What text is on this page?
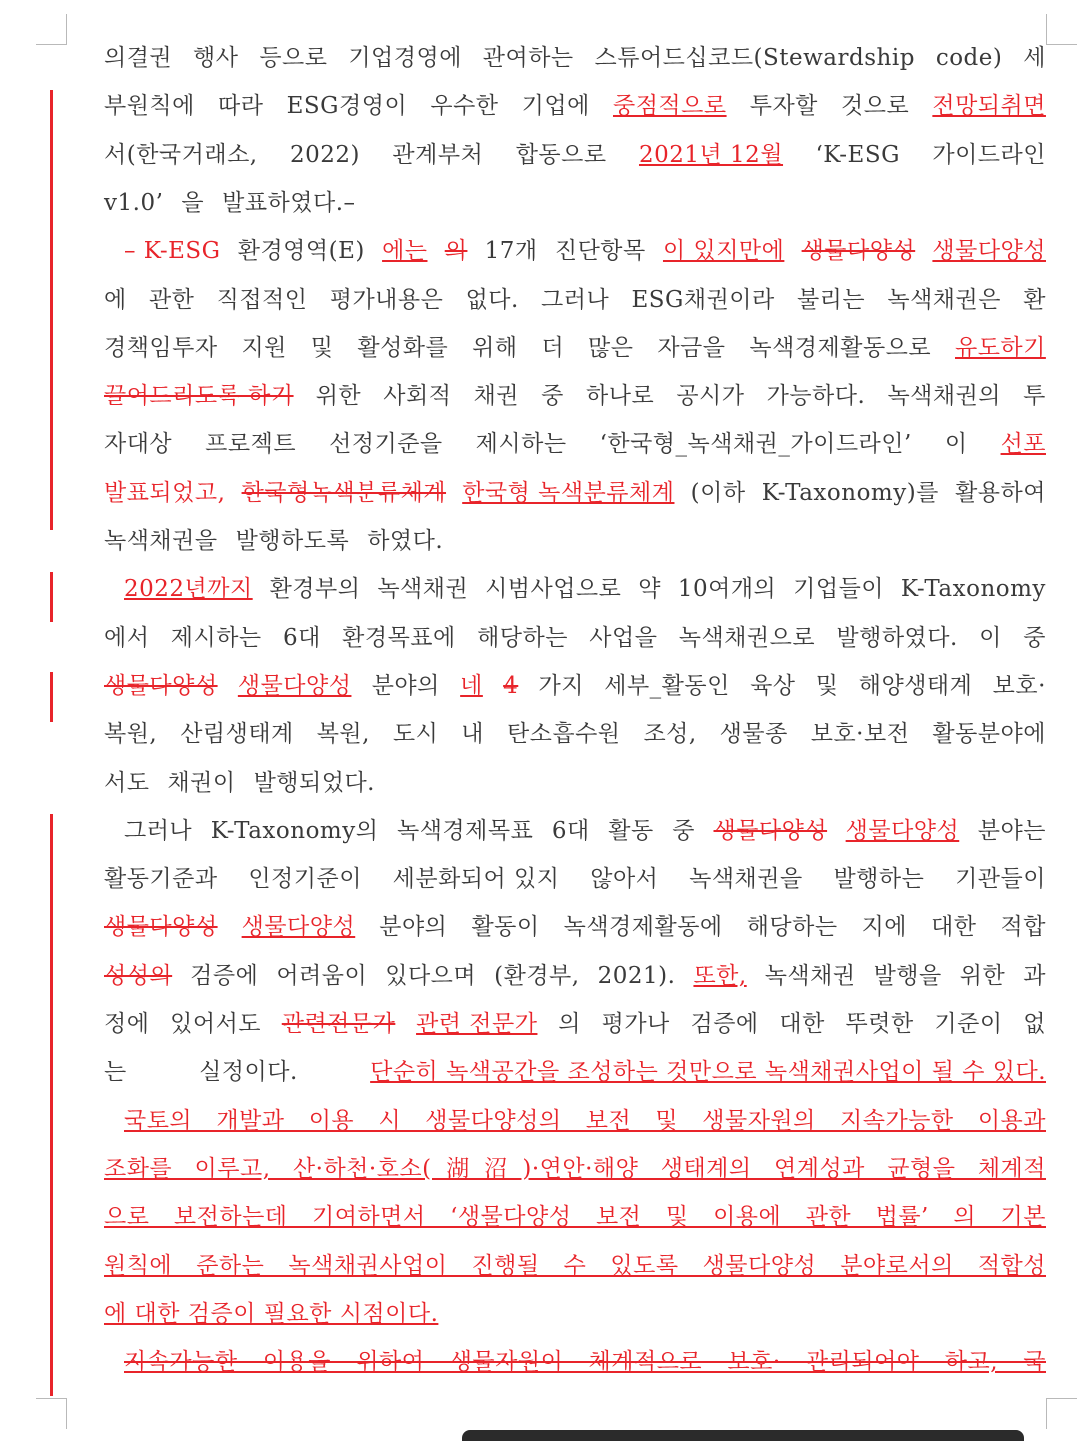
의결권 행사 등으로 기업경영에 관여하는 스튜어드십코드(Stewardship code) 세
부원칙에 따라 ESG경영이 우수한 기업에 중점적으로 투자할 것으로 전망되취면
서(한국거래소, 2022) 관계부처 합동으로 2021년 12월 ‘K-ESG 가이드라인
v1.0’ 을 발표하였다.–
– K-ESG 환경영역(E) 에는 의 17개 진단항목 이 있지만에 생물다양성 생물다양성
에 관한 직접적인 평가내용은 없다. 그러나 ESG채권이라 불리는 녹색채권은 환
경책임투자 지원 및 활성화를 위해 더 많은 자금을 녹색경제활동으로 유도하기
끌어드리도록 하기 위한 사회적 채권 중 하나로 공시가 가능하다. 녹색채권의 투
자대상 프로젝트 선정기준을 제시하는 ‘한국형_녹색채권_가이드라인’ 이 선포
발표되었고, 한국형녹색분류체계 한국형 녹색분류체계 (이하 K-Taxonomy)를 활용하여
녹색채권을 발행하도록 하였다.
2022년까지 환경부의 녹색채권 시범사업으로 약 10여개의 기업들이 K-Taxonomy
에서 제시하는 6대 환경목표에 해당하는 사업을 녹색채권으로 발행하였다. 이 중
생물다양성 생물다양성 분야의 네 4 가지 세부_활동인 육상 및 해양생태계 보호·
복원, 산림생태계 복원, 도시 내 탄소흡수원 조성, 생물종 보호·보전 활동분야에
서도 채권이 발행되었다.
그러나 K-Taxonomy의 녹색경제목표 6대 활동 중 생물다양성 생물다양성 분야는
활동기준과 인정기준이 세분화되어 있지 않아서 녹색채권을 발행하는 기관들이
생물다양성 생물다양성 분야의 활동이 녹색경제활동에 해당하는 지에 대한 적합
성성의 검증에 어려움이 있다으며 (환경부, 2021). 또한, 녹색채권 발행을 위한 과
정에 있어서도 관련전문가 관련 전문가 의 평가나 검증에 대한 뚜렷한 기준이 없
는	실정이다.	단순히 녹색공간을 조성하는 것만으로 녹색채권사업이 될 수 있다.
국토의 개발과 이용 시 생물다양성의 보전 및 생물자원의 지속가능한 이용과
조화를 이루고, 산·하천·호소(湖沼)·연안·해양 생태계의 연계성과 균형을 체계적
으로 보전하는데 기여하면서 ‘생물다양성 보전 및 이용에 관한 법률’ 의 기본
원칙에 준하는 녹색채권사업이 진행될 수 있도록 생물다양성 분야로서의 적합성
에 대한 검증이 필요한 시점이다.
지속가능한 이용을 위하여 생물자원이 체계적으로 보호· 관리되어야 하고, 국
